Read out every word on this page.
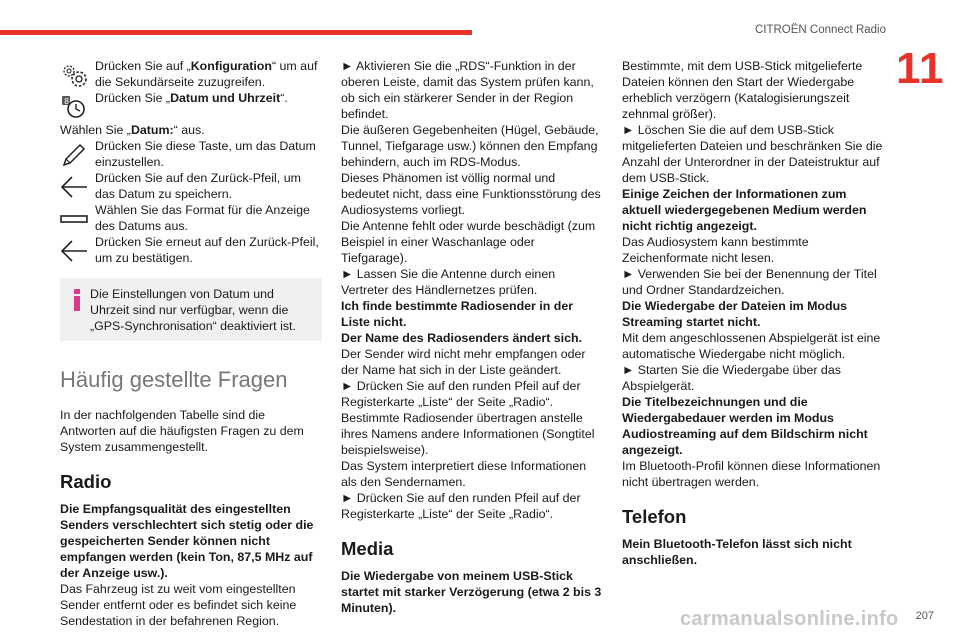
CITROËN Connect Radio
11

Drücken Sie auf „Konfiguration“ um auf die Sekundärseite zuzugreifen.

8 Drücken Sie „Datum und Uhrzeit“.

Wählen Sie „Datum:“ aus.

Drücken Sie diese Taste, um das Datum einzustellen.

Drücken Sie auf den Zurück-Pfeil, um das Datum zu speichern.

Wählen Sie das Format für die Anzeige des Datums aus.

Drücken Sie erneut auf den Zurück-Pfeil, um zu bestätigen.

Die Einstellungen von Datum und Uhrzeit sind nur verfügbar, wenn die „GPS-Synchronisation“ deaktiviert ist.

Häufig gestellte Fragen

In der nachfolgenden Tabelle sind die Antworten auf die häufigsten Fragen zu dem System zusammengestellt.

Radio

Die Empfangsqualität des eingestellten Senders verschlechtert sich stetig oder die gespeicherten Sender können nicht empfangen werden (kein Ton, 87,5 MHz auf der Anzeige usw.).

Das Fahrzeug ist zu weit vom eingestellten Sender entfernt oder es befindet sich keine Sendestation in der befahrenen Region.

► Aktivieren Sie die „RDS“-Funktion in der oberen Leiste, damit das System prüfen kann, ob sich ein stärkerer Sender in der Region befindet.

Die äußeren Gegebenheiten (Hügel, Gebäude, Tunnel, Tiefgarage usw.) können den Empfang behindern, auch im RDS-Modus.

Dieses Phänomen ist völlig normal und bedeutet nicht, dass eine Funktionsstörung des Audiosystems vorliegt.

Die Antenne fehlt oder wurde beschädigt (zum Beispiel in einer Waschanlage oder Tiefgarage).

► Lassen Sie die Antenne durch einen Vertreter des Händlernetzes prüfen.

Ich finde bestimmte Radiosender in der Liste nicht.

Der Name des Radiosenders ändert sich.

Der Sender wird nicht mehr empfangen oder der Name hat sich in der Liste geändert.

► Drücken Sie auf den runden Pfeil auf der Registerkarte „Liste“ der Seite „Radio“.

Bestimmte Radiosender übertragen anstelle ihres Namens andere Informationen (Songtitel beispielsweise).

Das System interpretiert diese Informationen als den Sendernamen.

► Drücken Sie auf den runden Pfeil auf der Registerkarte „Liste“ der Seite „Radio“.

Media

Die Wiedergabe von meinem USB-Stick startet mit starker Verzögerung (etwa 2 bis 3 Minuten).

Bestimmte, mit dem USB-Stick mitgelieferte Dateien können den Start der Wiedergabe erheblich verzögern (Katalogisierungszeit zehnmal größer).

► Löschen Sie die auf dem USB-Stick mitgelieferten Dateien und beschränken Sie die Anzahl der Unterordner in der Dateistruktur auf dem USB-Stick.

Einige Zeichen der Informationen zum aktuell wiedergegebenen Medium werden nicht richtig angezeigt.

Das Audiosystem kann bestimmte Zeichenformate nicht lesen.

► Verwenden Sie bei der Benennung der Titel und Ordner Standardzeichen.

Die Wiedergabe der Dateien im Modus Streaming startet nicht.

Mit dem angeschlossenen Abspielgerät ist eine automatische Wiedergabe nicht möglich.

► Starten Sie die Wiedergabe über das Abspielgerät.

Die Titelbezeichnungen und die Wiedergabedauer werden im Modus Audiostreaming auf dem Bildschirm nicht angezeigt.

Im Bluetooth-Profil können diese Informationen nicht übertragen werden.

Telefon

Mein Bluetooth-Telefon lässt sich nicht anschließen.

carmanualsonline.info 207
